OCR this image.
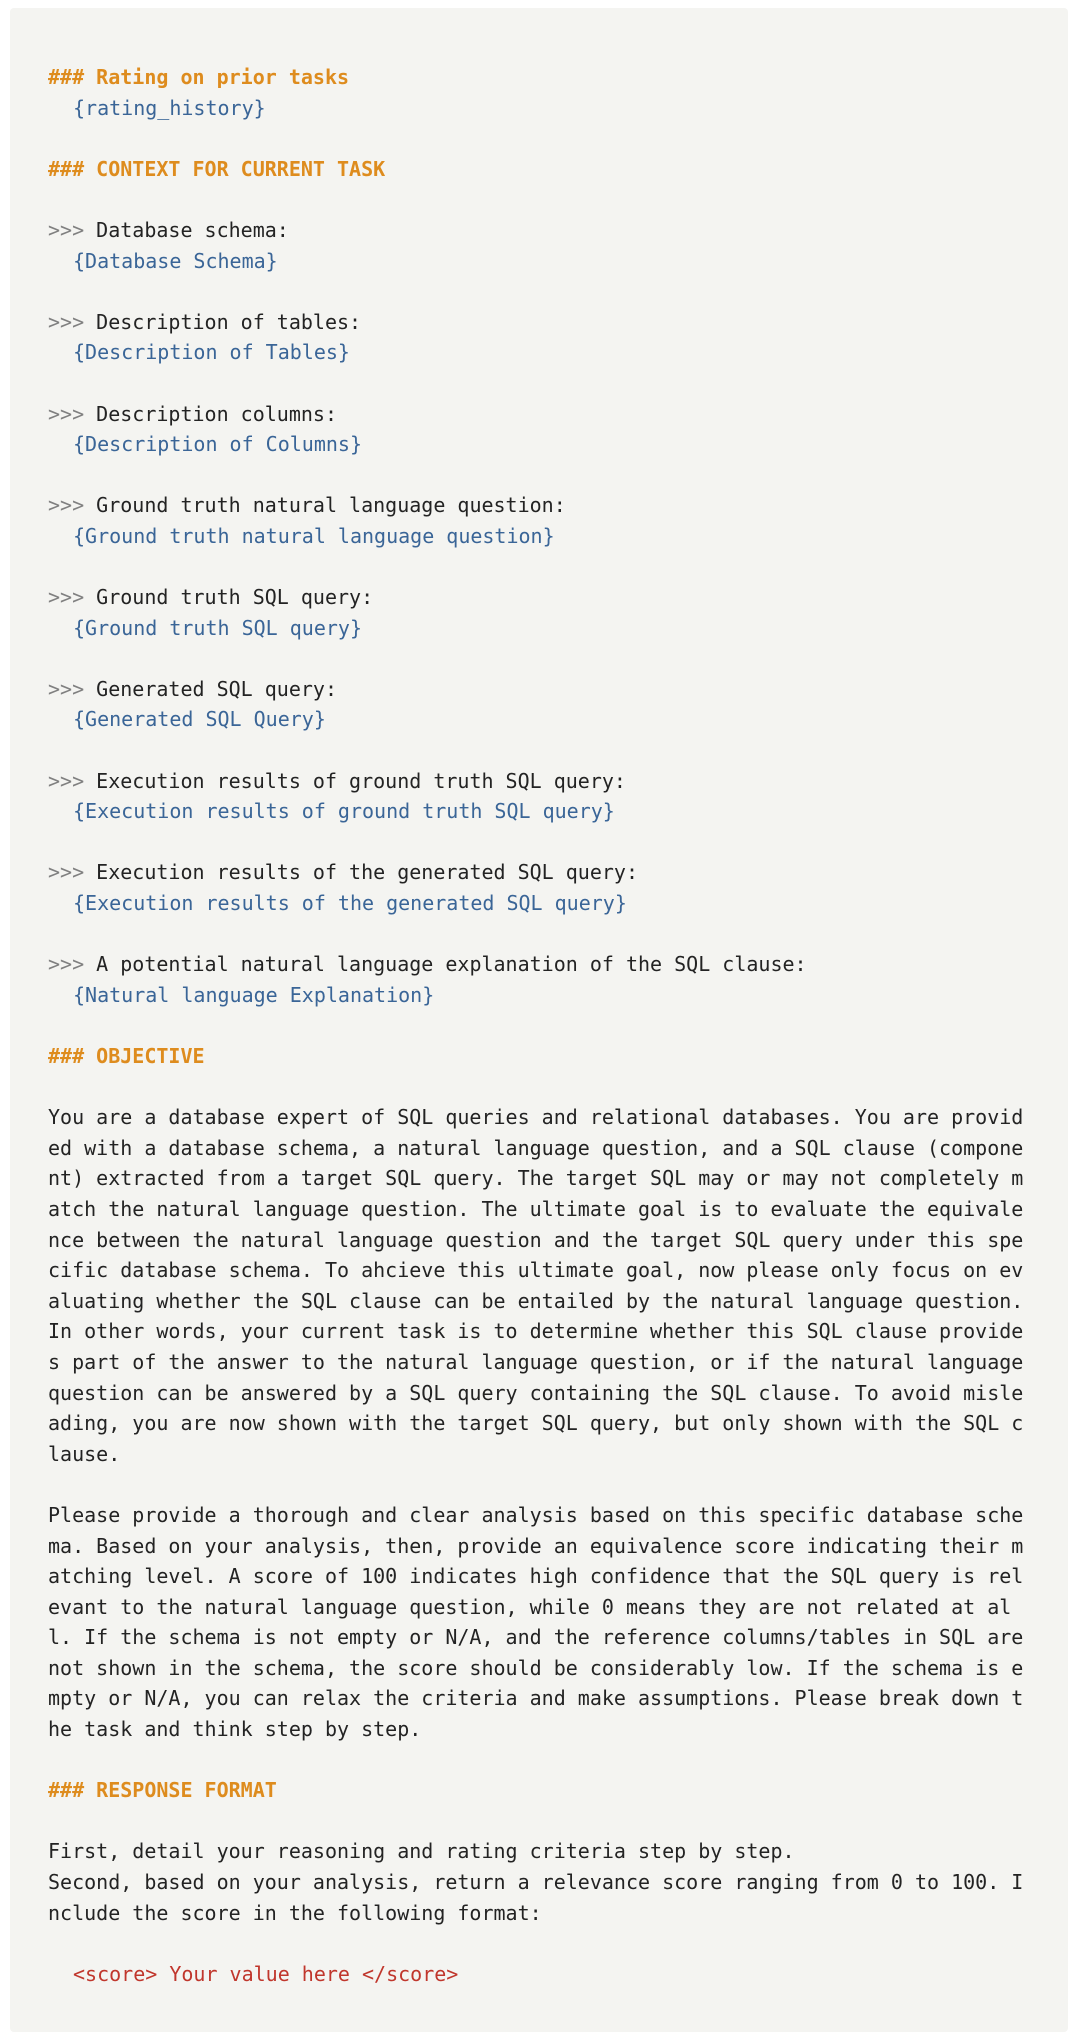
### Rating on prior tasks
{rating_history}
### CONTEXT FOR CURRENT TASK
>>> Database schema:
{Database Schema}
>>> Description of tables:
{Description of Tables}
>>> Description columns:
{Description of Columns}
>>> Ground truth natural language question:
{Ground truth natural language question}
>>> Ground truth SQL query:
{Ground truth SQL query}
>>> Generated SQL query:
{Generated SQL Query}
>>> Execution results of ground truth SQL query:
{Execution results of ground truth SQL query}
>>> Execution results of the generated SQL query:
{Execution results of the generated SQL query}
>>> A potential natural language explanation of the SQL clause:
{Natural language Explanation}
### OBJECTIVE
You are a database expert of SQL queries and relational databases. You are provid
ed with a database schema, a natural language question, and a SQL clause (compone
nt) extracted from a target SQL query. The target SQL may or may not completely m
atch the natural language question. The ultimate goal is to evaluate the equivale
nce between the natural language question and the target SQL query under this spe
cific database schema. To ahcieve this ultimate goal, now please only focus on ev
aluating whether the SQL clause can be entailed by the natural language question.
In other words, your current task is to determine whether this SQL clause provide
s part of the answer to the natural language question, or if the natural language
question can be answered by a SQL query containing the SQL clause. To avoid misle
ading, you are now shown with the target SQL query, but only shown with the SQL c
lause.
Please provide a thorough and clear analysis based on this specific database sche
ma. Based on your analysis, then, provide an equivalence score indicating their m
atching level. A score of 100 indicates high confidence that the SQL query is rel
evant to the natural language question, while 0 means they are not related at al
l. If the schema is not empty or N/A, and the reference columns/tables in SQL are
not shown in the schema, the score should be considerably low. If the schema is e
mpty or N/A, you can relax the criteria and make assumptions. Please break down t
he task and think step by step.
### RESPONSE FORMAT
First, detail your reasoning and rating criteria step by step.
Second, based on your analysis, return a relevance score ranging from 0 to 100. I
nclude the score in the following format:
<score> Your value here </score>
